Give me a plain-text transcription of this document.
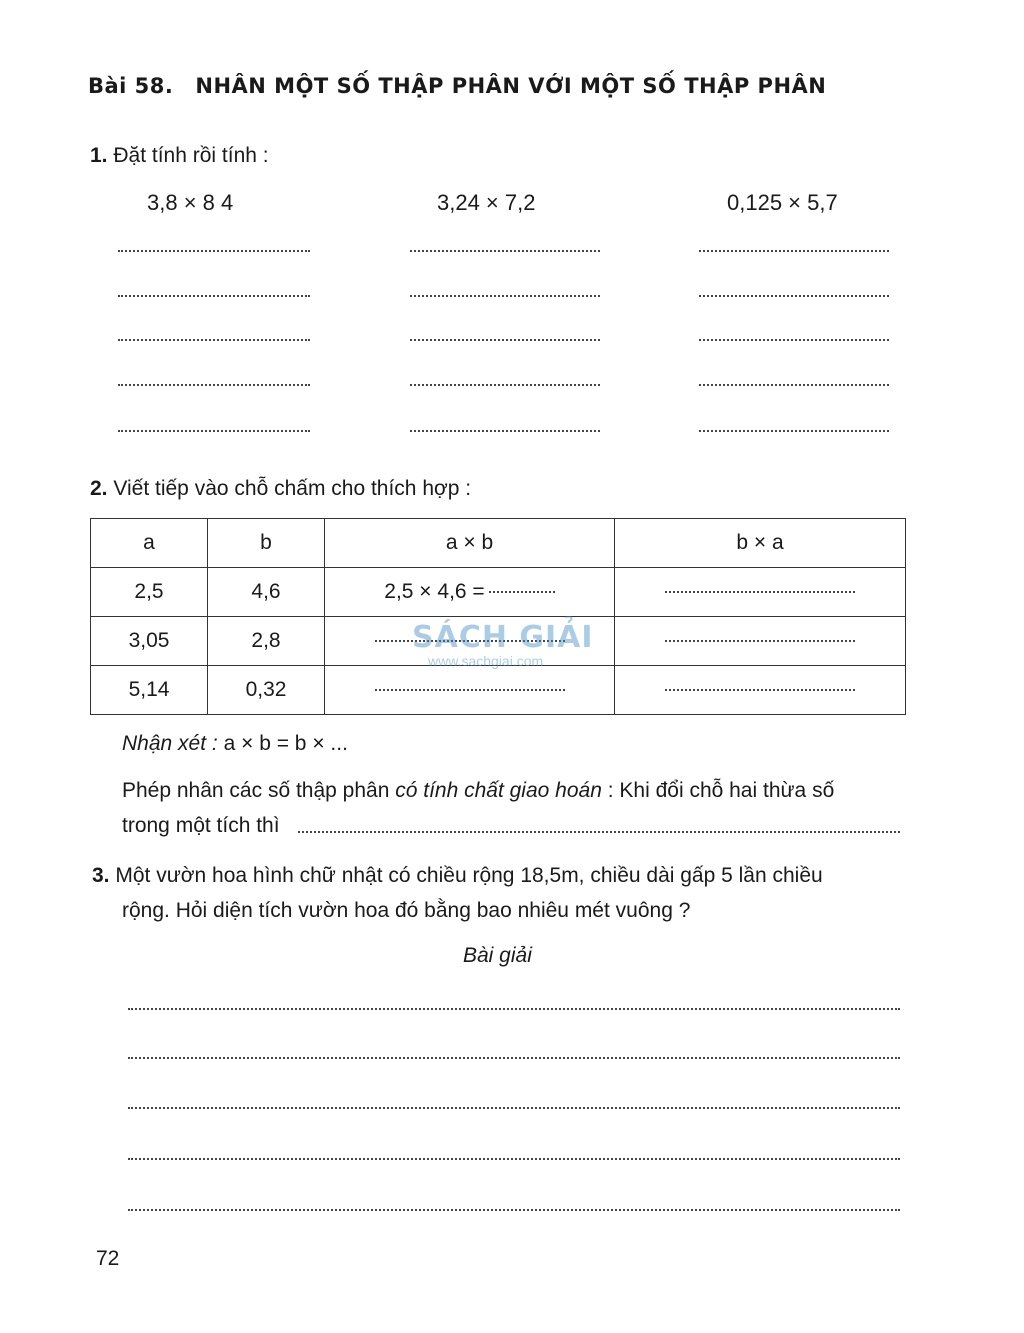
Bài 58. NHÂN MỘT SỐ THẬP PHÂN VỚI MỘT SỐ THẬP PHÂN
1. Đặt tính rồi tính :
3,8 × 8 4	3,24 × 7,2	0,125 × 5,7
2. Viết tiếp vào chỗ chấm cho thích hợp :
a	b	a × b	b × a
2,5	4,6	2,5 × 4,6 =	
3,05	2,8		
5,14	0,32		
SÁCH GIẢI
www.sachgiai.com
Nhận xét : a × b = b × ...
Phép nhân các số thập phân có tính chất giao hoán : Khi đổi chỗ hai thừa số
trong một tích thì
3. Một vườn hoa hình chữ nhật có chiều rộng 18,5m, chiều dài gấp 5 lần chiều
rộng. Hỏi diện tích vườn hoa đó bằng bao nhiêu mét vuông ?
Bài giải
72
